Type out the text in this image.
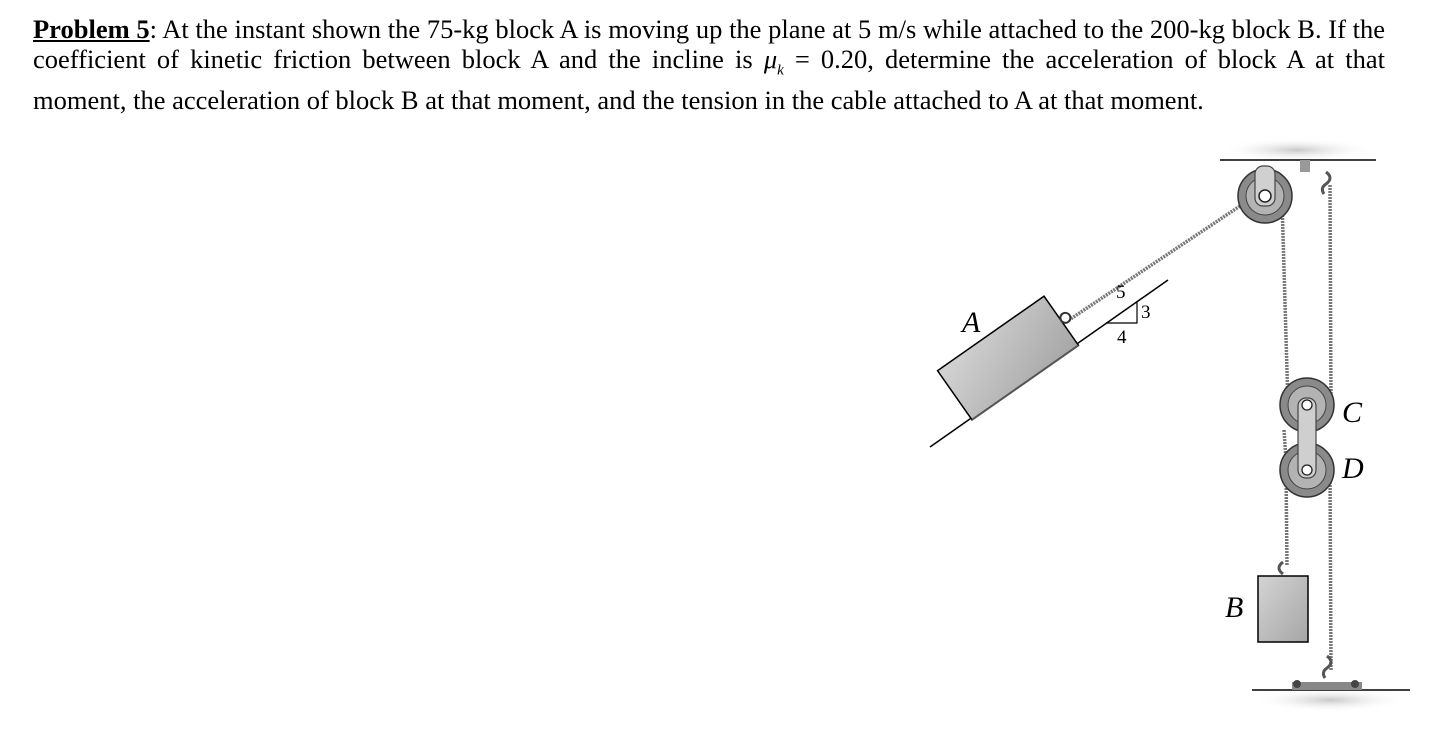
Problem 5: At the instant shown the 75-kg block A is moving up the plane at 5 m/s while attached to the 200-kg block B. If the coefficient of kinetic friction between block A and the incline is $\mu_k = 0.20$, determine the acceleration of block A at that moment, the acceleration of block B at that moment, and the tension in the cable attached to A at that moment.
5
3
4
A
B
C
D
